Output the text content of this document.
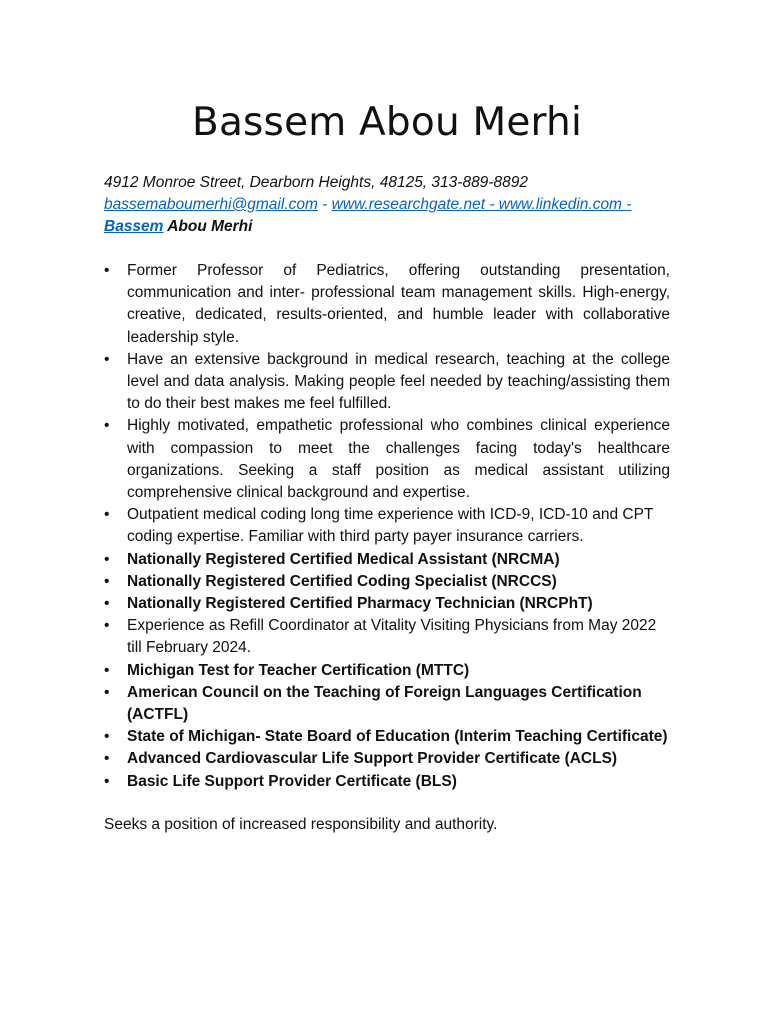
Bassem Abou Merhi
4912 Monroe Street, Dearborn Heights, 48125, 313-889-8892
bassemaboumerhi@gmail.com - www.researchgate.net - www.linkedin.com -
Bassem Abou Merhi
• Former Professor of Pediatrics, offering outstanding presentation, communication and inter- professional team management skills. High-energy, creative, dedicated, results-oriented, and humble leader with collaborative leadership style.
• Have an extensive background in medical research, teaching at the college level and data analysis. Making people feel needed by teaching/assisting them to do their best makes me feel fulfilled.
• Highly motivated, empathetic professional who combines clinical experience with compassion to meet the challenges facing today's healthcare organizations. Seeking a staff position as medical assistant utilizing comprehensive clinical background and expertise.
• Outpatient medical coding long time experience with ICD-9, ICD-10 and CPT coding expertise. Familiar with third party payer insurance carriers.
• Nationally Registered Certified Medical Assistant (NRCMA)
• Nationally Registered Certified Coding Specialist (NRCCS)
• Nationally Registered Certified Pharmacy Technician (NRCPhT)
• Experience as Refill Coordinator at Vitality Visiting Physicians from May 2022 till February 2024.
• Michigan Test for Teacher Certification (MTTC)
• American Council on the Teaching of Foreign Languages Certification (ACTFL)
• State of Michigan- State Board of Education (Interim Teaching Certificate)
• Advanced Cardiovascular Life Support Provider Certificate (ACLS)
• Basic Life Support Provider Certificate (BLS)
Seeks a position of increased responsibility and authority.
